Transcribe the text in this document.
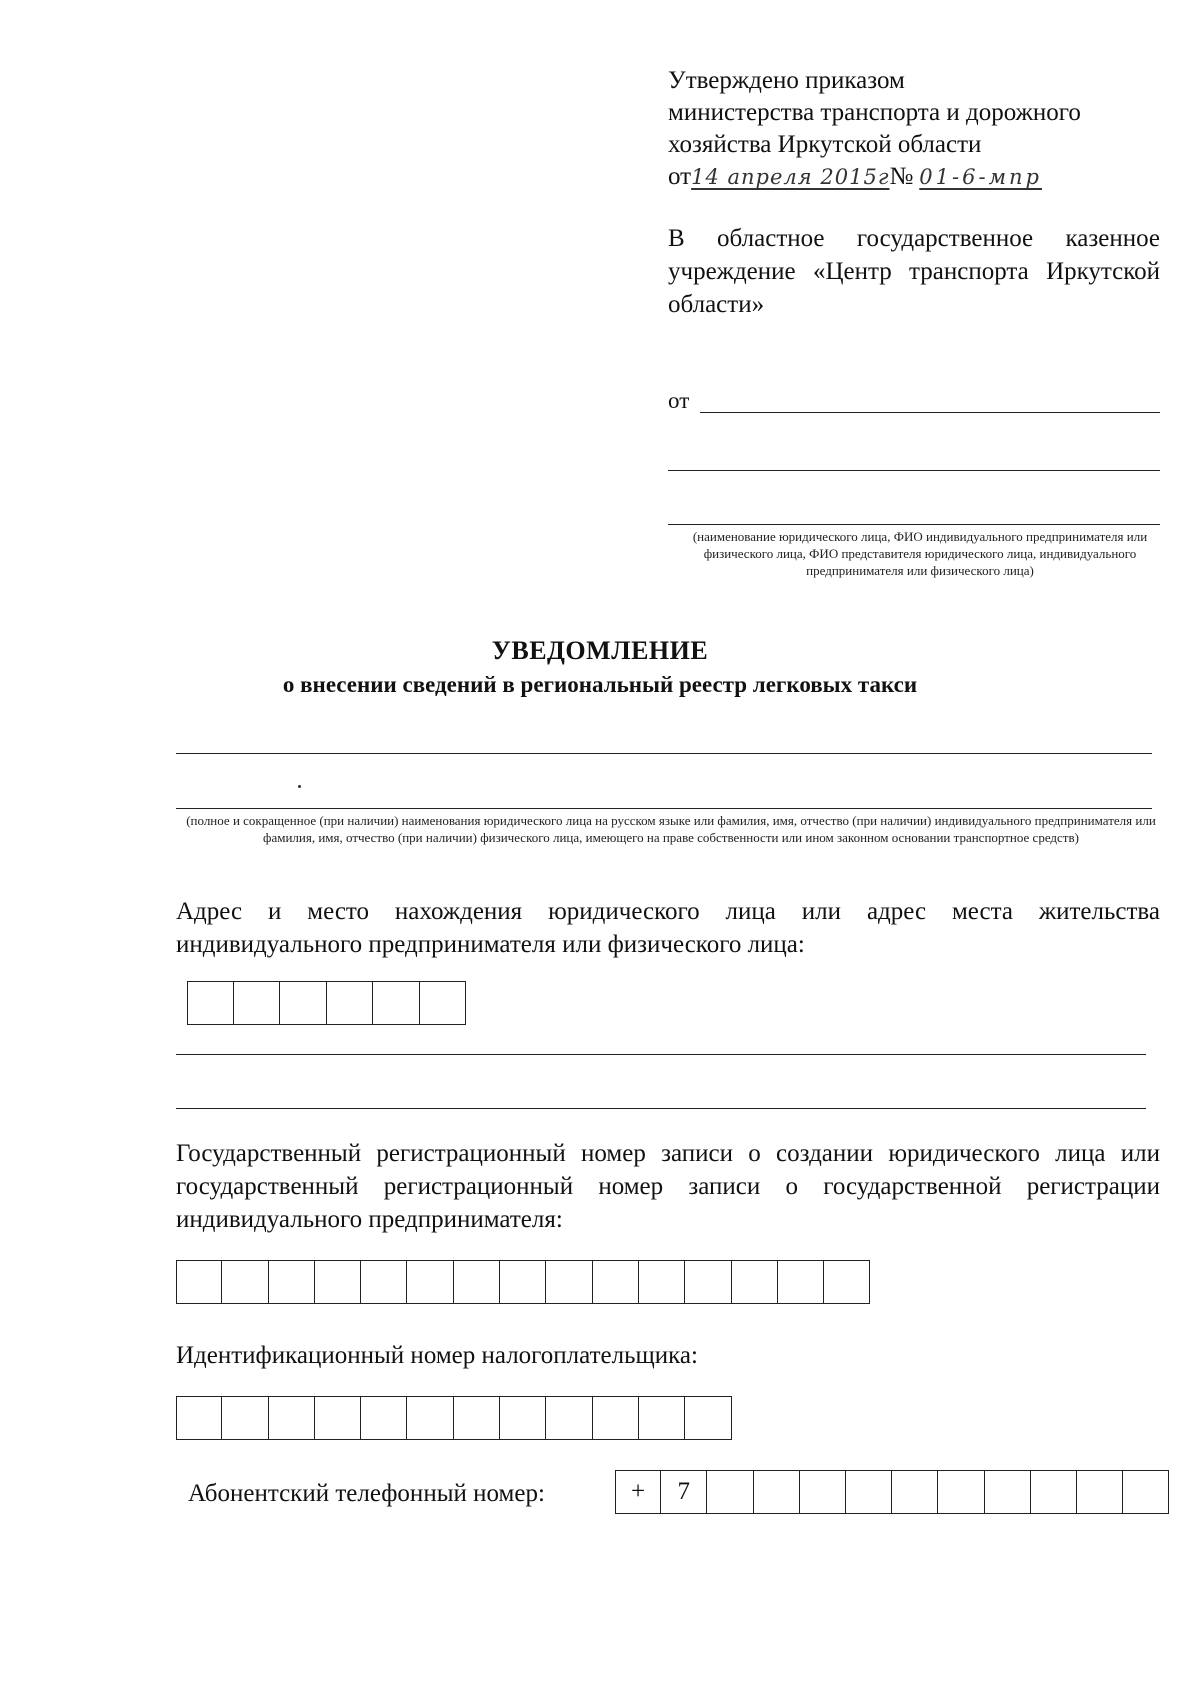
Утверждено приказом
министерства транспорта и дорожного
хозяйства Иркутской области
от 14 апреля 2015г № 01-6-мпр
В областное государственное казенное учреждение «Центр транспорта Иркутской области»
от
(наименование юридического лица, ФИО индивидуального предпринимателя или физического лица, ФИО представителя юридического лица, индивидуального предпринимателя или физического лица)
УВЕДОМЛЕНИЕ
о внесении сведений в региональный реестр легковых такси
(полное и сокращенное (при наличии) наименования юридического лица на русском языке или фамилия, имя, отчество (при наличии) индивидуального предпринимателя или фамилия, имя, отчество (при наличии) физического лица, имеющего на праве собственности или ином законном основании транспортное средств)
Адрес и место нахождения юридического лица или адрес места жительства индивидуального предпринимателя или физического лица:
Государственный регистрационный номер записи о создании юридического лица или государственный регистрационный номер записи о государственной регистрации индивидуального предпринимателя:
Идентификационный номер налогоплательщика:
Абонентский телефонный номер:	+	7
